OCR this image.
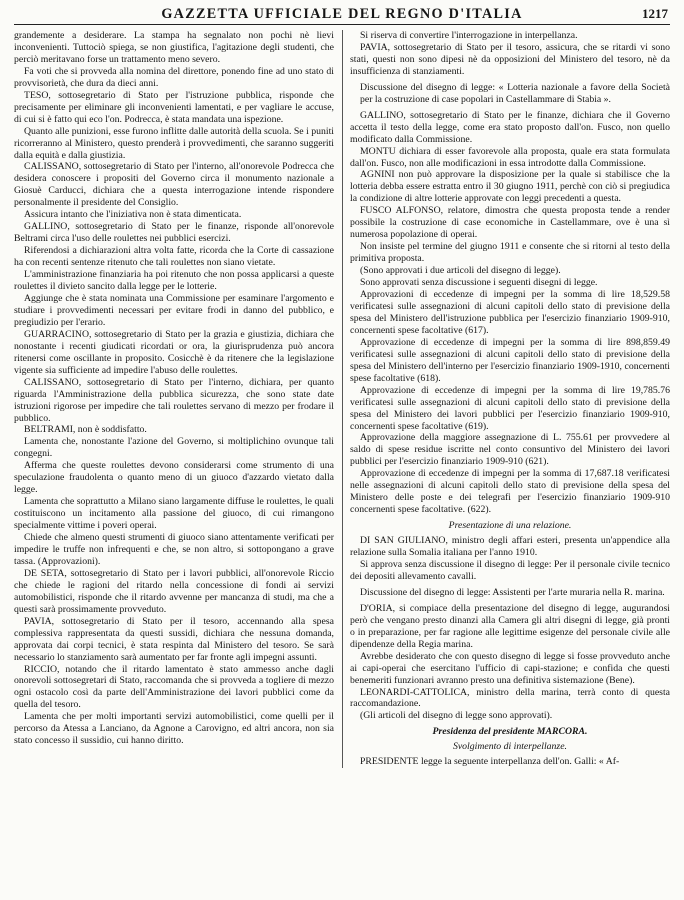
GAZZETTA UFFICIALE DEL REGNO D'ITALIA	1217

grandemente a desiderare. La stampa ha segnalato non pochi nè lievi inconvenienti. Tuttociò spiega, se non giustifica, l'agitazione degli studenti, che perciò meritavano forse un trattamento meno severo.

Fa voti che si provveda alla nomina del direttore, ponendo fine ad uno stato di provvisorietà, che dura da dieci anni.

TESO, sottosegretario di Stato per l'istruzione pubblica, risponde che precisamente per eliminare gli inconvenienti lamentati, e per vagliare le accuse, di cui si è fatto qui eco l'on. Podrecca, è stata mandata una ispezione.

Quanto alle punizioni, esse furono inflitte dalle autorità della scuola. Se i puniti ricorreranno al Ministero, questo prenderà i provvedimenti, che saranno suggeriti dalla equità e dalla giustizia.

CALISSANO, sottosegretario di Stato per l'interno, all'onorevole Podrecca che desidera conoscere i propositi del Governo circa il monumento nazionale a Giosuè Carducci, dichiara che a questa interrogazione intende rispondere personalmente il presidente del Consiglio.

Assicura intanto che l'iniziativa non è stata dimenticata.

GALLINO, sottosegretario di Stato per le finanze, risponde all'onorevole Beltrami circa l'uso delle roulettes nei pubblici esercizi.

Riferendosi a dichiarazioni altra volta fatte, ricorda che la Corte di cassazione ha con recenti sentenze ritenuto che tali roulettes non siano vietate.

L'amministrazione finanziaria ha poi ritenuto che non possa applicarsi a queste roulettes il divieto sancito dalla legge per le lotterie.

Aggiunge che è stata nominata una Commissione per esaminare l'argomento e studiare i provvedimenti necessari per evitare frodi in danno del pubblico, e pregiudizio per l'erario.

GUARRACINO, sottosegretario di Stato per la grazia e giustizia, dichiara che nonostante i recenti giudicati ricordati or ora, la giurisprudenza può ancora ritenersi come oscillante in proposito. Cosicchè è da ritenere che la legislazione vigente sia sufficiente ad impedire l'abuso delle roulettes.

CALISSANO, sottosegretario di Stato per l'interno, dichiara, per quanto riguarda l'Amministrazione della pubblica sicurezza, che sono state date istruzioni rigorose per impedire che tali roulettes servano di mezzo per frodare il pubblico.

BELTRAMI, non è soddisfatto.

Lamenta che, nonostante l'azione del Governo, si moltiplichino ovunque tali congegni.

Afferma che queste roulettes devono considerarsi come strumento di una speculazione fraudolenta o quanto meno di un giuoco d'azzardo vietato dalla legge.

Lamenta che soprattutto a Milano siano largamente diffuse le roulettes, le quali costituiscono un incitamento alla passione del giuoco, di cui rimangono specialmente vittime i poveri operai.

Chiede che almeno questi strumenti di giuoco siano attentamente verificati per impedire le truffe non infrequenti e che, se non altro, si sottopongano a grave tassa. (Approvazioni).

DE SETA, sottosegretario di Stato per i lavori pubblici, all'onorevole Riccio che chiede le ragioni del ritardo nella concessione di fondi ai servizi automobilistici, risponde che il ritardo avvenne per mancanza di studi, ma che a questi sarà prossimamente provveduto.

PAVIA, sottosegretario di Stato per il tesoro, accennando alla spesa complessiva rappresentata da questi sussidi, dichiara che nessuna domanda, approvata dai corpi tecnici, è stata respinta dal Ministero del tesoro. Se sarà necessario lo stanziamento sarà aumentato per far fronte agli impegni assunti.

RICCIO, notando che il ritardo lamentato è stato ammesso anche dagli onorevoli sottosegretari di Stato, raccomanda che si provveda a togliere di mezzo ogni ostacolo così da parte dell'Amministrazione dei lavori pubblici come da quella del tesoro.

Lamenta che per molti importanti servizi automobilistici, come quelli per il percorso da Atessa a Lanciano, da Agnone a Carovigno, ed altri ancora, non sia stato concesso il sussidio, cui hanno diritto.

Si riserva di convertire l'interrogazione in interpellanza.

PAVIA, sottosegretario di Stato per il tesoro, assicura, che se ritardi vi sono stati, questi non sono dipesi nè da opposizioni del Ministero del tesoro, nè da insufficienza di stanziamenti.

Discussione del disegno di legge: « Lotteria nazionale a favore della Società per la costruzione di case popolari in Castellammare di Stabia ».

GALLINO, sottosegretario di Stato per le finanze, dichiara che il Governo accetta il testo della legge, come era stato proposto dall'on. Fusco, non quello modificato dalla Commissione.

MONTU dichiara di esser favorevole alla proposta, quale era stata formulata dall'on. Fusco, non alle modificazioni in essa introdotte dalla Commissione.

AGNINI non può approvare la disposizione per la quale si stabilisce che la lotteria debba essere estratta entro il 30 giugno 1911, perchè con ciò si pregiudica la condizione di altre lotterie approvate con leggi precedenti a questa.

FUSCO ALFONSO, relatore, dimostra che questa proposta tende a render possibile la costruzione di case economiche in Castellammare, ove è una sì numerosa popolazione di operai.

Non insiste pel termine del giugno 1911 e consente che si ritorni al testo della primitiva proposta.

(Sono approvati i due articoli del disegno di legge).

Sono approvati senza discussione i seguenti disegni di legge.

Approvazioni di eccedenze di impegni per la somma di lire 18,529.58 verificatesi sulle assegnazioni di alcuni capitoli dello stato di previsione della spesa del Ministero dell'istruzione pubblica per l'esercizio finanziario 1909-910, concernenti spese facoltative (617).

Approvazione di eccedenze di impegni per la somma di lire 898,859.49 verificatesi sulle assegnazioni di alcuni capitoli dello stato di previsione della spesa del Ministero dell'interno per l'esercizio finanziario 1909-1910, concernenti spese facoltative (618).

Approvazione di eccedenze di impegni per la somma di lire 19,785.76 verificatesi sulle assegnazioni di alcuni capitoli dello stato di previsione della spesa del Ministero dei lavori pubblici per l'esercizio finanziario 1909-910, concernenti spese facoltative (619).

Approvazione della maggiore assegnazione di L. 755.61 per provvedere al saldo di spese residue iscritte nel conto consuntivo del Ministero dei lavori pubblici per l'esercizio finanziario 1909-910 (621).

Approvazione di eccedenze di impegni per la somma di 17,687.18 verificatesi nelle assegnazioni di alcuni capitoli dello stato di previsione della spesa del Ministero delle poste e dei telegrafi per l'esercizio finanziario 1909-910 concernenti spese facoltative. (622).

Presentazione di una relazione.

DI SAN GIULIANO, ministro degli affari esteri, presenta un'appendice alla relazione sulla Somalia italiana per l'anno 1910.

Si approva senza discussione il disegno di legge: Per il personale civile tecnico dei depositi allevamento cavalli.

Discussione del disegno di legge: Assistenti per l'arte muraria nella R. marina.

D'ORIA, si compiace della presentazione del disegno di legge, augurandosi però che vengano presto dinanzi alla Camera gli altri disegni di legge, già pronti o in preparazione, per far ragione alle legittime esigenze del personale civile alle dipendenze della Regia marina.

Avrebbe desiderato che con questo disegno di legge si fosse provveduto anche ai capi-operai che esercitano l'ufficio di capi-stazione; e confida che questi benemeriti funzionari avranno presto una definitiva sistemazione (Bene).

LEONARDI-CATTOLICA, ministro della marina, terrà conto di questa raccomandazione.

(Gli articoli del disegno di legge sono approvati).

Presidenza del presidente MARCORA.

Svolgimento di interpellanze.

PRESIDENTE legge la seguente interpellanza dell'on. Galli: « Af-
